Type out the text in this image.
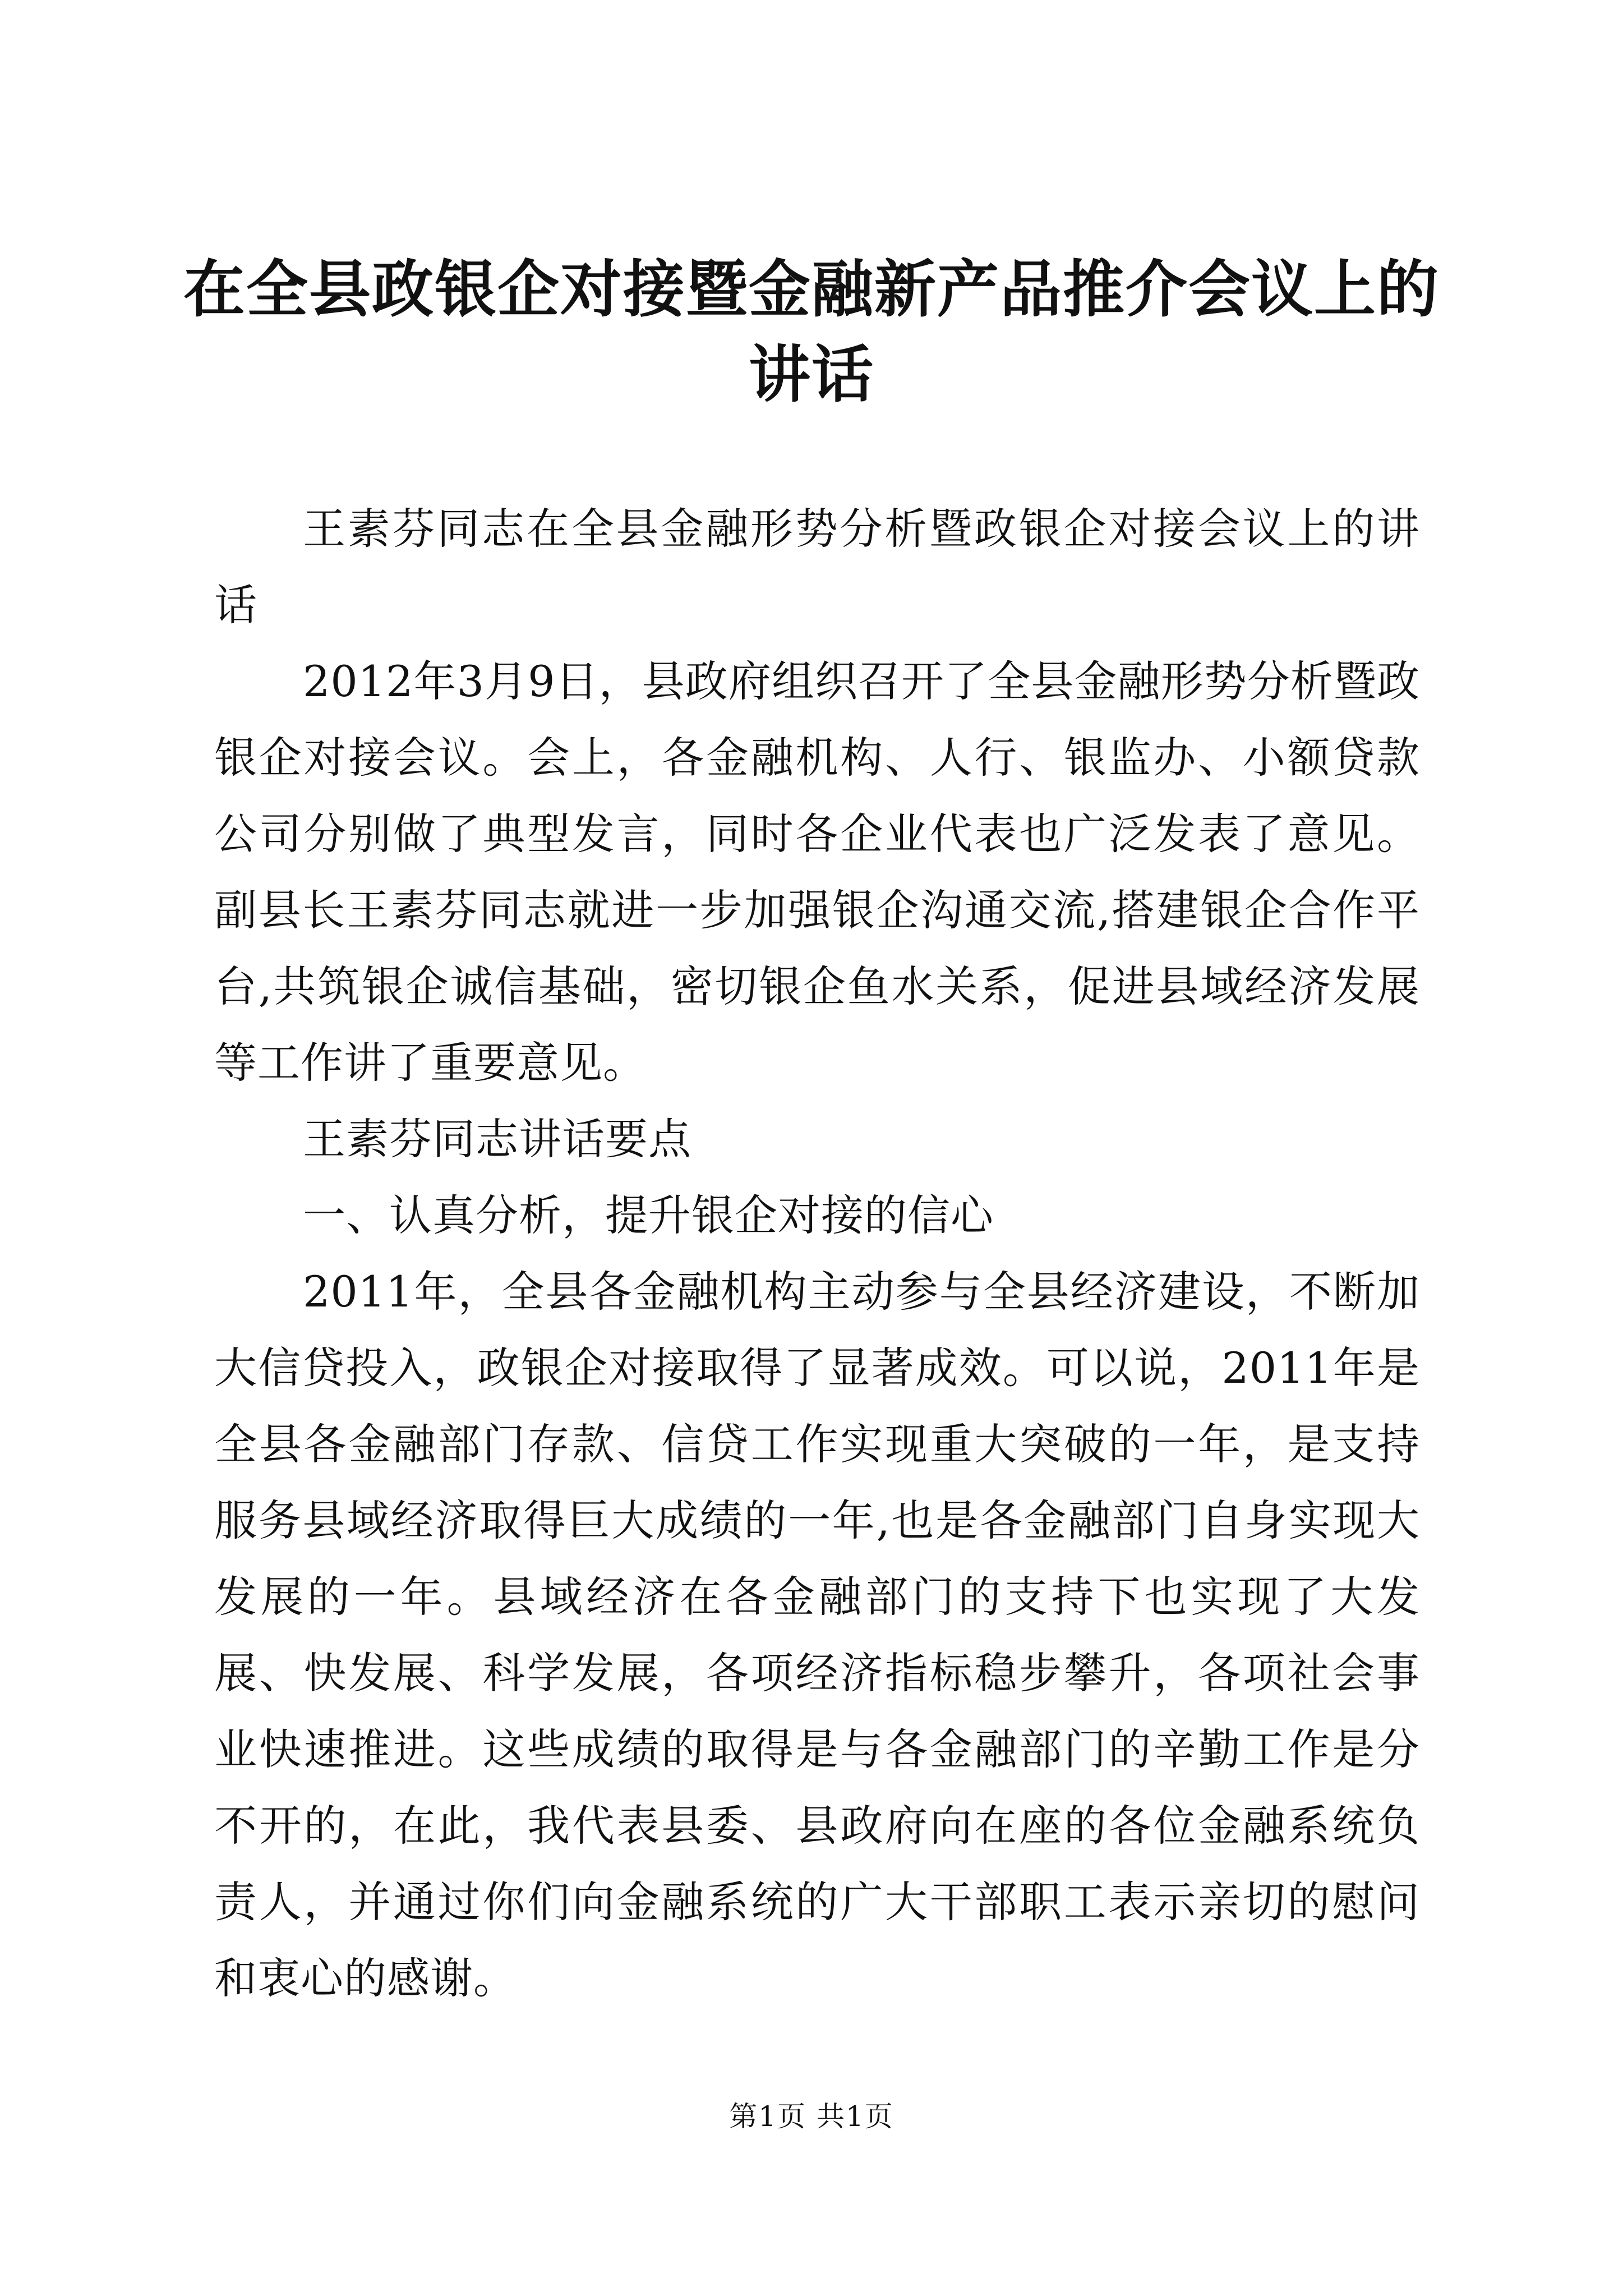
在全县政银企对接暨金融新产品推介会议上的讲话

王素芬同志在全县金融形势分析暨政银企对接会议上的讲话

2012年3月9日，县政府组织召开了全县金融形势分析暨政银企对接会议。会上，各金融机构、人行、银监办、小额贷款公司分别做了典型发言，同时各企业代表也广泛发表了意见。副县长王素芬同志就进一步加强银企沟通交流,搭建银企合作平台,共筑银企诚信基础，密切银企鱼水关系，促进县域经济发展等工作讲了重要意见。

王素芬同志讲话要点

一、认真分析，提升银企对接的信心

2011年，全县各金融机构主动参与全县经济建设，不断加大信贷投入，政银企对接取得了显著成效。可以说，2011年是全县各金融部门存款、信贷工作实现重大突破的一年，是支持服务县域经济取得巨大成绩的一年,也是各金融部门自身实现大发展的一年。县域经济在各金融部门的支持下也实现了大发展、快发展、科学发展，各项经济指标稳步攀升，各项社会事业快速推进。这些成绩的取得是与各金融部门的辛勤工作是分不开的，在此，我代表县委、县政府向在座的各位金融系统负责人，并通过你们向金融系统的广大干部职工表示亲切的慰问和衷心的感谢。

第1页 共1页
